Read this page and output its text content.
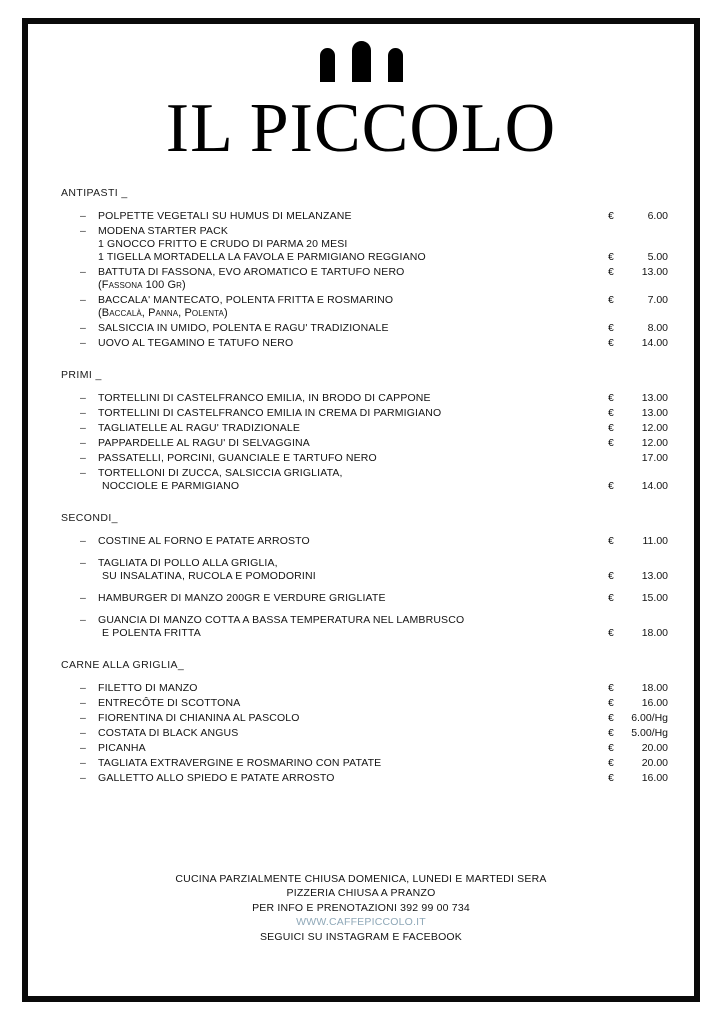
IL PICCOLO
ANTIPASTI _
–	POLPETTE VEGETALI SU HUMUS DI MELANZANE	€	6.00
–	MODENA STARTER PACK
1 GNOCCO FRITTO E CRUDO DI PARMA 20 MESI
1 TIGELLA MORTADELLA LA FAVOLA E PARMIGIANO REGGIANO	€	5.00
–	BATTUTA DI FASSONA, EVO AROMATICO E TARTUFO NERO
(Fassona 100 Gr)
€	13.00
–	BACCALA' MANTECATO, POLENTA FRITTA E ROSMARINO
(Baccalà, Panna, Polenta)
€	7.00
–	SALSICCIA IN UMIDO, POLENTA E RAGU' TRADIZIONALE	€	8.00
–	UOVO AL TEGAMINO E TATUFO NERO	€	14.00
PRIMI _
–	TORTELLINI DI CASTELFRANCO EMILIA, IN BRODO DI CAPPONE	€	13.00
–	TORTELLINI DI CASTELFRANCO EMILIA IN CREMA DI PARMIGIANO	€	13.00
–	TAGLIATELLE AL RAGU' TRADIZIONALE	€	12.00
–	PAPPARDELLE AL RAGU' DI SELVAGGINA	€	12.00
–	PASSATELLI, PORCINI, GUANCIALE E TARTUFO NERO	17.00
–	TORTELLONI DI ZUCCA, SALSICCIA GRIGLIATA,
NOCCIOLE E PARMIGIANO	€	14.00
SECONDI_
–	COSTINE AL FORNO E PATATE ARROSTO	€	11.00
–	TAGLIATA DI POLLO ALLA GRIGLIA,
SU INSALATINA, RUCOLA E POMODORINI	€	13.00
–	HAMBURGER DI MANZO 200GR E VERDURE GRIGLIATE	€	15.00
–	GUANCIA DI MANZO COTTA A BASSA TEMPERATURA NEL LAMBRUSCO
E POLENTA FRITTA	€	18.00
CARNE ALLA GRIGLIA_
–	FILETTO DI MANZO	€	18.00
–	ENTRECÔTE DI SCOTTONA	€	16.00
–	FIORENTINA DI CHIANINA AL PASCOLO	€	6.00/Hg
–	COSTATA DI BLACK ANGUS	€	5.00/Hg
–	PICANHA	€	20.00
–	TAGLIATA EXTRAVERGINE E ROSMARINO CON PATATE	€	20.00
–	GALLETTO ALLO SPIEDO E PATATE ARROSTO	€	16.00
CUCINA PARZIALMENTE CHIUSA DOMENICA, LUNEDI E MARTEDI SERA
PIZZERIA CHIUSA A PRANZO
PER INFO E PRENOTAZIONI 392 99 00 734
WWW.CAFFEPICCOLO.IT
SEGUICI SU INSTAGRAM E FACEBOOK
